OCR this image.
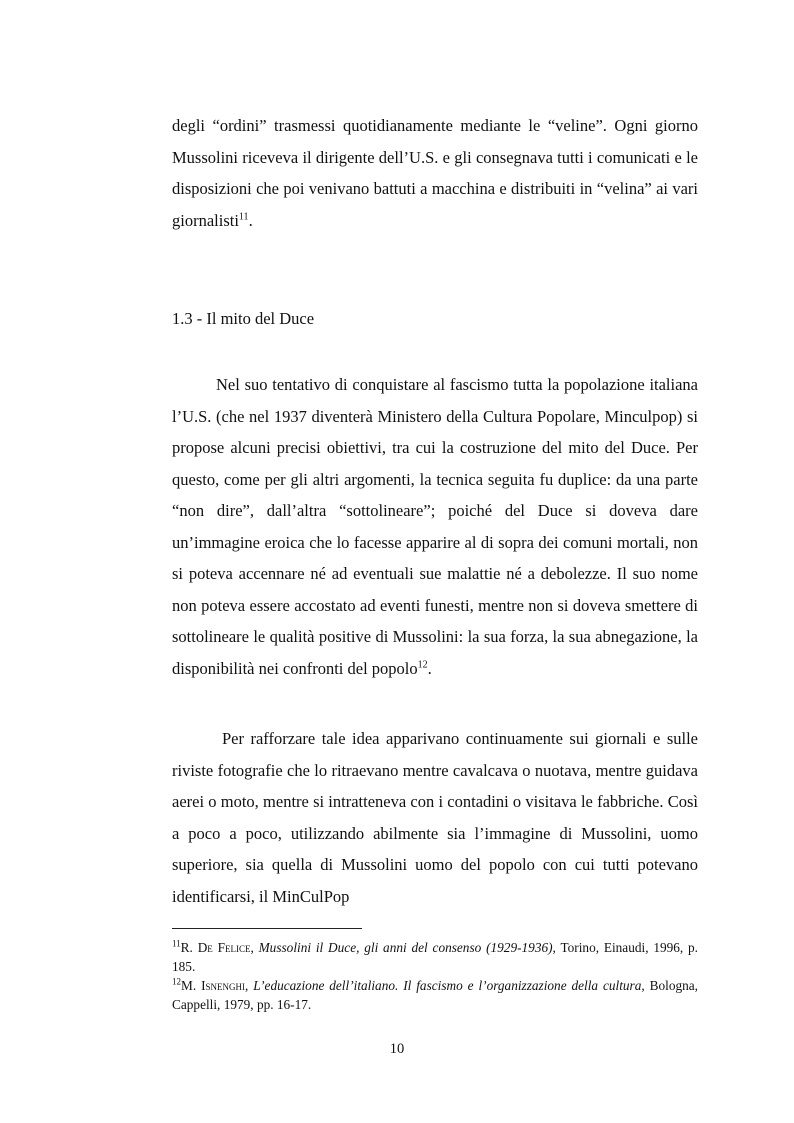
degli “ordini” trasmessi quotidianamente mediante le “veline”. Ogni giorno Mussolini riceveva il dirigente dell’U.S. e gli consegnava tutti i comunicati e le disposizioni che poi venivano battuti a macchina e distribuiti in “velina” ai vari giornalisti$^{11}$.

1.3 - Il mito del Duce

Nel suo tentativo di conquistare al fascismo tutta la popolazione italiana l’U.S. (che nel 1937 diventerà Ministero della Cultura Popolare, Minculpop) si propose alcuni precisi obiettivi, tra cui la costruzione del mito del Duce. Per questo, come per gli altri argomenti, la tecnica seguita fu duplice: da una parte “non dire”, dall’altra “sottolineare”; poiché del Duce si doveva dare un’immagine eroica che lo facesse apparire al di sopra dei comuni mortali, non si poteva accennare né ad eventuali sue malattie né a debolezze. Il suo nome non poteva essere accostato ad eventi funesti, mentre non si doveva smettere di sottolineare le qualità positive di Mussolini: la sua forza, la sua abnegazione, la disponibilità nei confronti del popolo$^{12}$.

Per rafforzare tale idea apparivano continuamente sui giornali e sulle riviste fotografie che lo ritraevano mentre cavalcava o nuotava, mentre guidava aerei o moto, mentre si intratteneva con i contadini o visitava le fabbriche. Così a poco a poco, utilizzando abilmente sia l’immagine di Mussolini, uomo superiore, sia quella di Mussolini uomo del popolo con cui tutti potevano identificarsi, il MinCulPop

$^{11}$R. De Felice, Mussolini il Duce, gli anni del consenso (1929-1936), Torino, Einaudi, 1996, p. 185.

$^{12}$M. Isnenghi, L’educazione dell’italiano. Il fascismo e l’organizzazione della cultura, Bologna, Cappelli, 1979, pp. 16-17.

10
